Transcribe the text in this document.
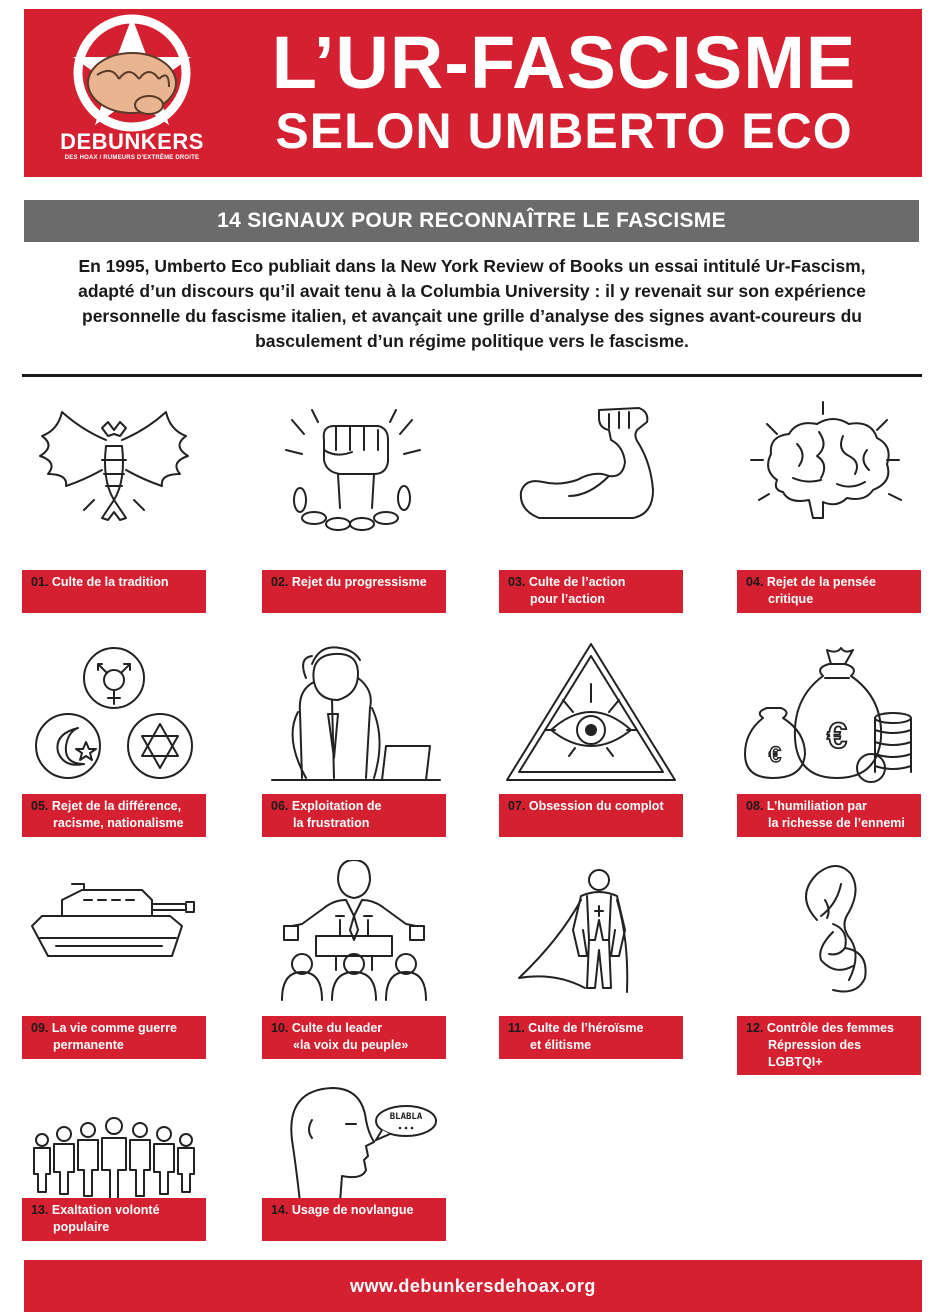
DEBUNKERS
DES HOAX / RUMEURS D'EXTRÊME DROITE
L’UR-FASCISME
SELON UMBERTO ECO
14 SIGNAUX POUR RECONNAÎTRE LE FASCISME
En 1995, Umberto Eco publiait dans la New York Review of Books un essai intitulé Ur-Fascism,
adapté d’un discours qu’il avait tenu à la Columbia University : il y revenait sur son expérience
personnelle du fascisme italien, et avançait une grille d’analyse des signes avant-coureurs du
basculement d’un régime politique vers le fascisme.
01. Culte de la tradition	02. Rejet du progressisme	03. Culte de l’action
pour l’action
04. Rejet de la pensée
critique
05. Rejet de la différence,
racisme, nationalisme
06. Exploitation de
la frustration
07. Obsession du complot
€
€
08. L’humiliation par
la richesse de l’ennemi
09. La vie comme guerre
permanente
10. Culte du leader
«la voix du peuple»
11. Culte de l’héroïsme
et élitisme
12. Contrôle des femmes
Répression des LGBTQI+
13. Exaltation volonté
populaire
BLABLA
14. Usage de novlangue
www.debunkersdehoax.org
